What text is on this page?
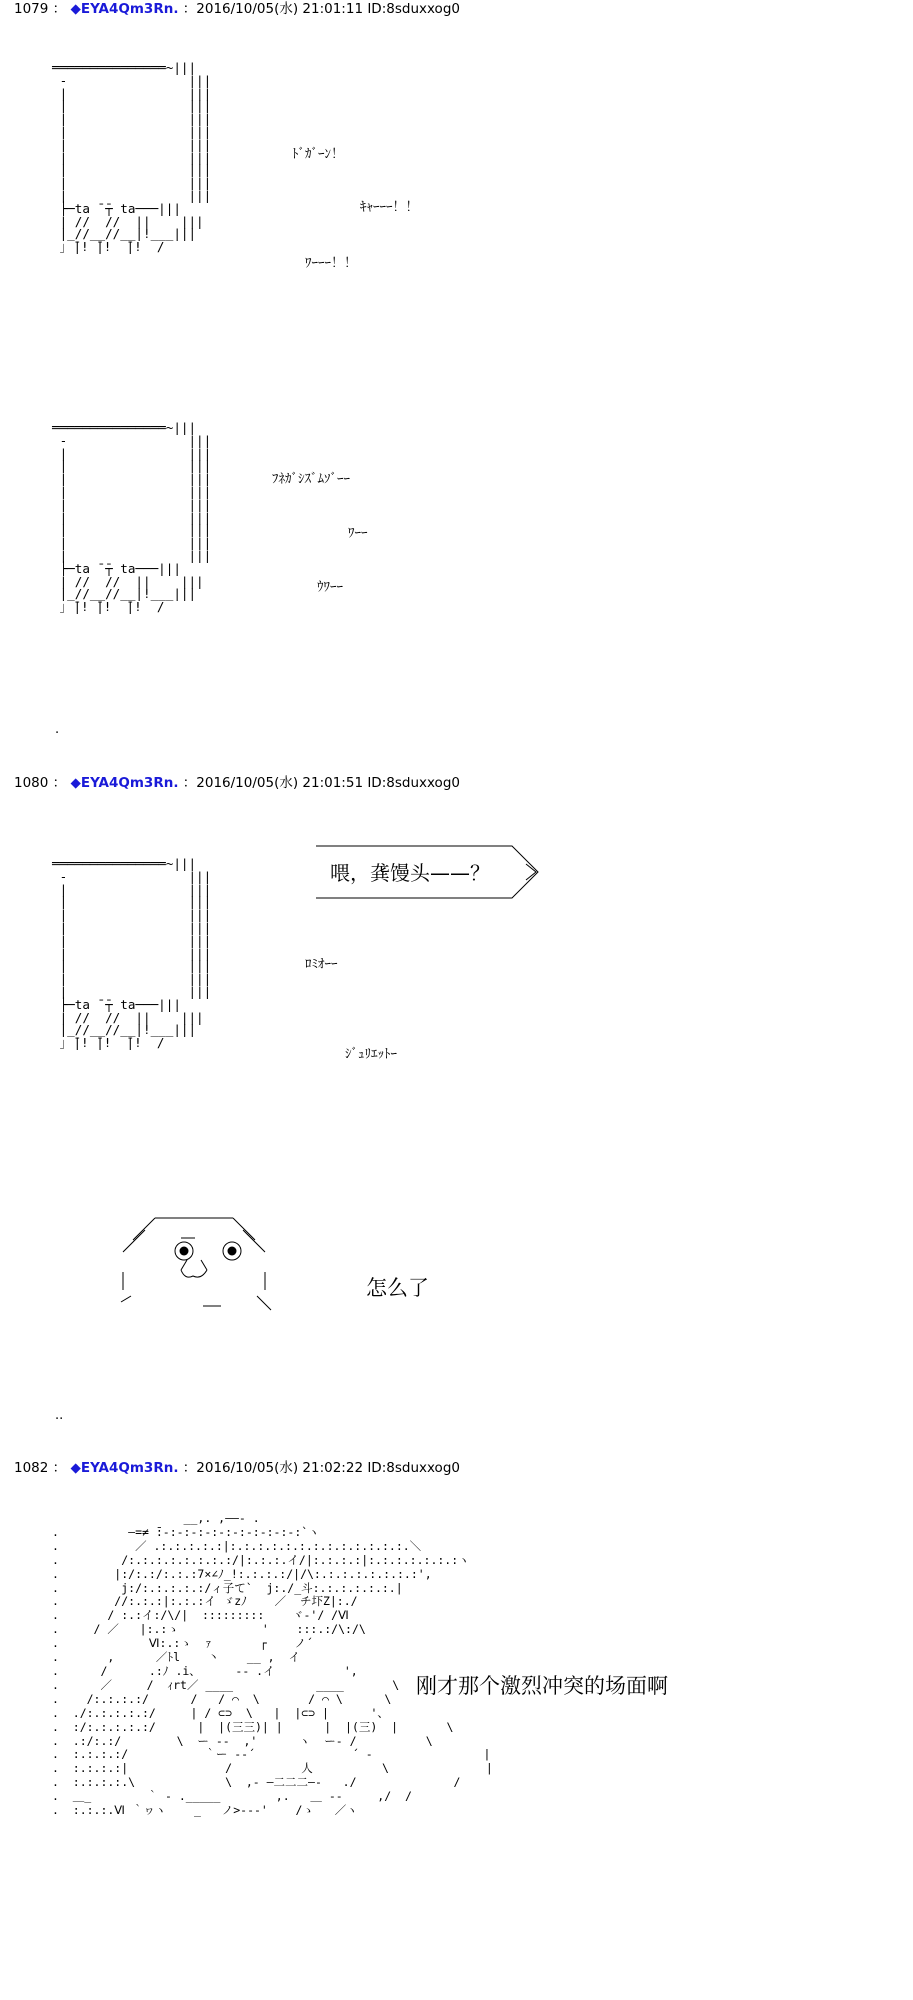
1079 ： ◆EYA4Qm3Rn. ：2016/10/05(水) 21:01:11 ID:8sduxxog0
═══════════════~|||
-                |||
|                |||
|                |||
|                |||
|                |||
|                |||
|                |||
|                |||
|                |||
|                |||
├─ta ̄ ̄┬ ta───|||
| //  //  ||    |||
|_//__//__|!___|||
｣ ̄|! ̄|!  ̄|!  /
ﾄﾞｶﾞｰﾝ！
ｷｬｰｰｰ！！
ﾜｰｰｰ！！
═══════════════~|||
-                |||
|                |||
|                |||
|                |||
|                |||
|                |||
|                |||
|                |||
|                |||
|                |||
├─ta ̄ ̄┬ ta───|||
| //  //  ||    |||
|_//__//__|!___|||
｣ ̄|! ̄|!  ̄|!  /
ﾌﾈｶﾞｼｽﾞﾑｿﾞｰｰ
ﾜｰｰ
ｳﾜｰｰ
.
1080 ： ◆EYA4Qm3Rn. ：2016/10/05(水) 21:01:51 ID:8sduxxog0
═══════════════~|||
-                |||
|                |||
|                |||
|                |||
|                |||
|                |||
|                |||
|                |||
|                |||
|                |||
├─ta ̄ ̄┬ ta───|||
| //  //  ||    |||
|_//__//__|!___|||
｣ ̄|! ̄|!  ̄|!  /
喂，龚馒头——？
ﾛﾐｵｰｰ
ｼﾞｭﾘｴｯﾄｰ
怎么了
..
1082 ： ◆EYA4Qm3Rn. ：2016/10/05(水) 21:02:22 ID:8sduxxog0
__,. ,――- .
.          ―=≠ ̄:-:-:-:-:-:-:-:-:-:-:`ヽ
.           ／ .:.:.:.:.:|:.:.:.:.:.:.:.:.:.:.:.:.:.＼
.         /:.:.:.:.:.:.:.:/|:.:.:.イ/|:.:.:.:|:.:.:.:.:.:.:ヽ
.        |:/:.:/:.:.:7×∠ﾉ_!:.:.:.:/|/\:.:.:.:.:.:.:.:',
.         j:/:.:.:.:.:/ィ子て`  j:./_斗:.:.:.:.:.:.|
.        //:.:.:|:.:.:イ ゞzﾉ    ／  チ圷Z|:./
.       / :.:イ:/\/|  :::::::::    ヾ‐'/ /Ⅵ
.     / ／   |:.:ゝ            '    :::.:/\:/\
.             Ⅵ:.:ゝ  ｧ       ┌    ノ´
.       ,      ／ﾄl    丶    __ ,  イ
.      /      .:ﾉ .i、     ‐‐ .イ          ',
.      ／     /  ｨrt／ ____            ____       \
.    /:.:.:.:/      /   / ⌒  \       / ⌒ \      \
.  ./:.:.:.:.:/     | / ⊂⊃  \   |  |⊂⊃ |      '、
.  :/:.:.:.:.:/      |  |(三三)| |      |  |(三)  |       \
.  .:/:.:/        \  ー ‐‐  ,'      ヽ  ー‐ /          \
.  :.:.:.:/           ｀ー ‐‐´              ´ ‐                |
.  :.:.:.:|              /          人          \              |
.  :.:.:.:.\             \  ,- ―二二二―-   ./              /
.  ＿_        ｀ ‐ ._____        ,.   ＿ -‐     ,/  /
.  :.:.:.Ⅵ ｀ヮヽ    _   ノ>‐‐‐'    /ゝ   ／ヽ
刚才那个激烈冲突的场面啊
